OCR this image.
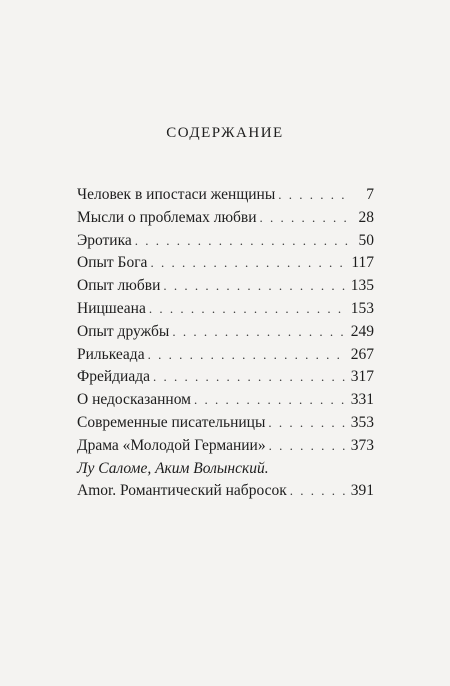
содержание
Человек в ипостаси женщины . . .	7
Мысли о проблемах любви . . .	28
Эротика . . .	50
Опыт Бога . . .	117
Опыт любви . . .	135
Ницшеана . . .	153
Опыт дружбы . . .	249
Рилькеада . . .	267
Фрейдиада . . .	317
О недосказанном . . .	331
Современные писательницы . . .	353
Драма «Молодой Германии» . . .	373
Лу Саломе, Аким Волынский.
Amor. Романтический набросок . . .	391
